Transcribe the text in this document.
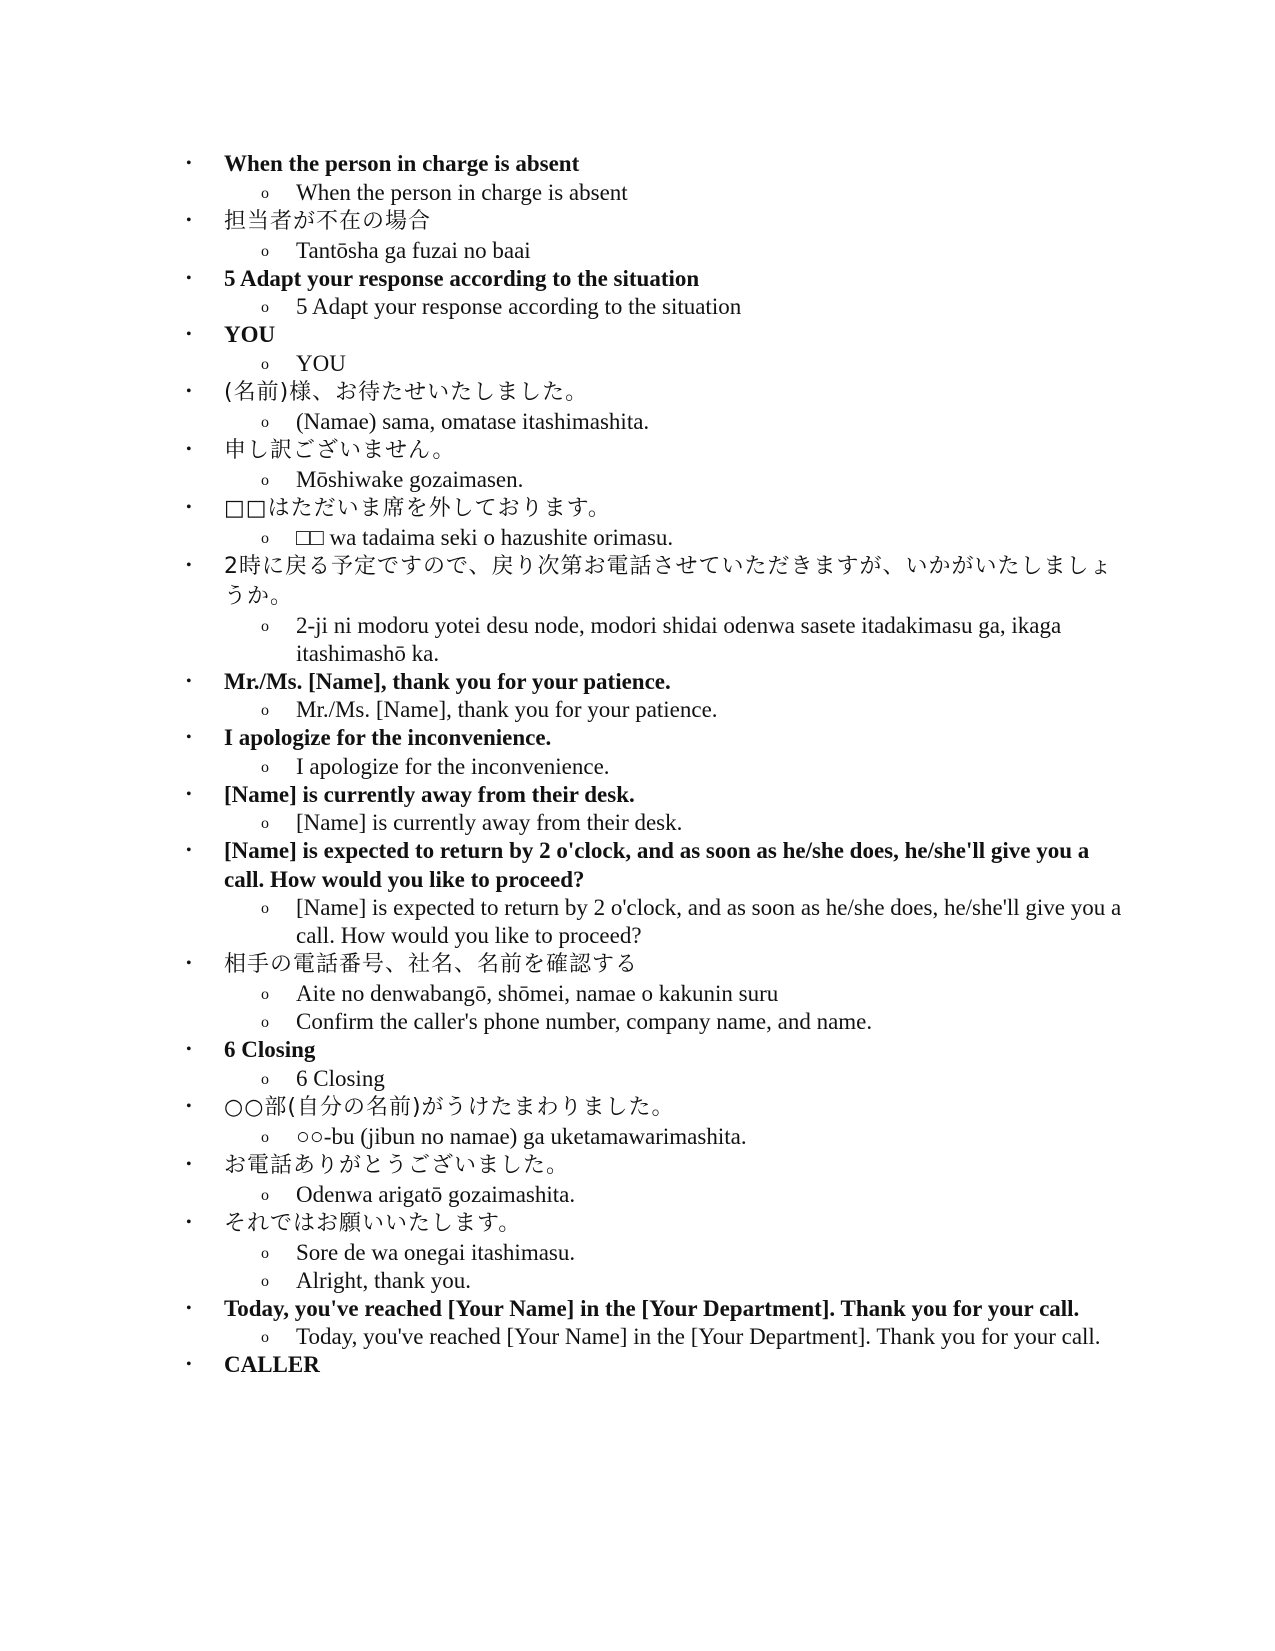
• When the person in charge is absent
o When the person in charge is absent
• 担当者が不在の場合
o Tantōsha ga fuzai no baai
• 5 Adapt your response according to the situation
o 5 Adapt your response according to the situation
• YOU
o YOU
• (名前)様、お待たせいたしました。
o (Namae) sama, omatase itashimashita.
• 申し訳ございません。
o Mōshiwake gozaimasen.
• □□はただいま席を外しております。
o □□ wa tadaima seki o hazushite orimasu.
• 2時に戻る予定ですので、戻り次第お電話させていただきますが、いかがいたしましょうか。
o 2-ji ni modoru yotei desu node, modori shidai odenwa sasete itadakimasu ga, ikaga itashimashō ka.
• Mr./Ms. [Name], thank you for your patience.
o Mr./Ms. [Name], thank you for your patience.
• I apologize for the inconvenience.
o I apologize for the inconvenience.
• [Name] is currently away from their desk.
o [Name] is currently away from their desk.
• [Name] is expected to return by 2 o'clock, and as soon as he/she does, he/she'll give you a call. How would you like to proceed?
o [Name] is expected to return by 2 o'clock, and as soon as he/she does, he/she'll give you a call. How would you like to proceed?
• 相手の電話番号、社名、名前を確認する
o Aite no denwabangō, shōmei, namae o kakunin suru
o Confirm the caller's phone number, company name, and name.
• 6 Closing
o 6 Closing
• ○○部(自分の名前)がうけたまわりました。
o ○○-bu (jibun no namae) ga uketamawarimashita.
• お電話ありがとうございました。
o Odenwa arigatō gozaimashita.
• それではお願いいたします。
o Sore de wa onegai itashimasu.
o Alright, thank you.
• Today, you've reached [Your Name] in the [Your Department]. Thank you for your call.
o Today, you've reached [Your Name] in the [Your Department]. Thank you for your call.
• CALLER
